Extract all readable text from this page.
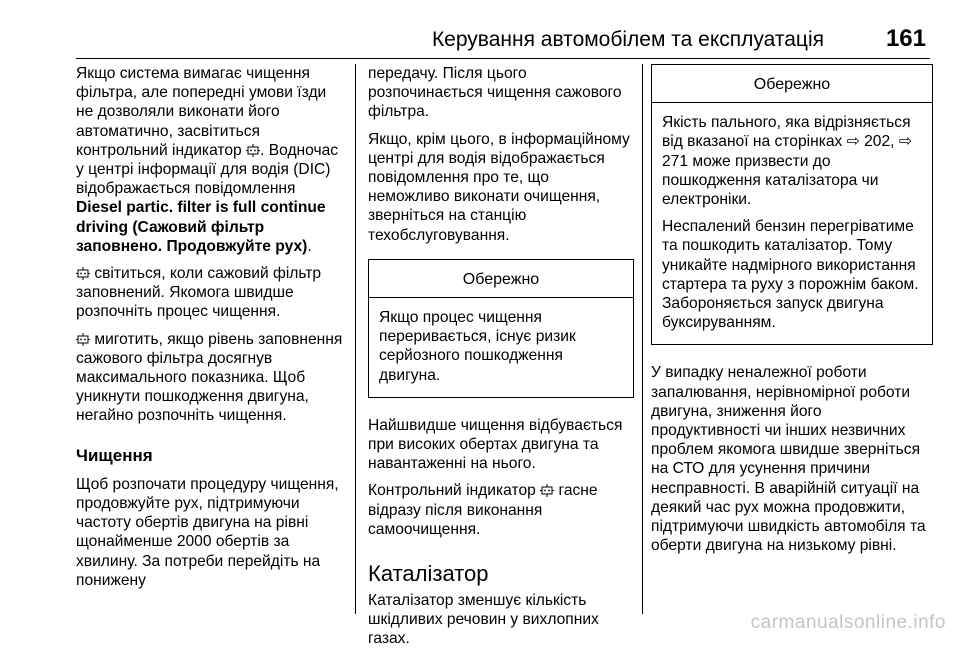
Керування автомобілем та експлуатація	161

Якщо система вимагає чищення фільтра, але попередні умови їзди не дозволяли виконати його автоматично, засвітиться контрольний індикатор . Водночас у центрі інформації для водія (DIC) відображається повідомлення Diesel partic. filter is full continue driving (Сажовий фільтр заповнено. Продовжуйте рух).

світиться, коли сажовий фільтр заповнений. Якомога швидше розпочніть процес чищення.

миготить, якщо рівень заповнення сажового фільтра досягнув максимального показника. Щоб уникнути пошкодження двигуна, негайно розпочніть чищення.

Чищення

Щоб розпочати процедуру чищення, продовжуйте рух, підтримуючи частоту обертів двигуна на рівні щонайменше 2000 обертів за хвилину. За потреби перейдіть на понижену

передачу. Після цього розпочинається чищення сажового фільтра.

Якщо, крім цього, в інформаційному центрі для водія відображається повідомлення про те, що неможливо виконати очищення, зверніться на станцію техобслуговування.

Обережно

Якщо процес чищення переривається, існує ризик серйозного пошкодження двигуна.

Найшвидше чищення відбувається при високих обертах двигуна та навантаженні на нього.

Контрольний індикатор гасне відразу після виконання самоочищення.

Каталізатор

Каталізатор зменшує кількість шкідливих речовин у вихлопних газах.

Обережно

Якість пального, яка відрізняється від вказаної на сторінках ⇨ 202, ⇨ 271 може призвести до пошкодження каталізатора чи електроніки.

Неспалений бензин перегріватиме та пошкодить каталізатор. Тому уникайте надмірного використання стартера та руху з порожнім баком. Забороняється запуск двигуна буксируванням.

У випадку неналежної роботи запалювання, нерівномірної роботи двигуна, зниження його продуктивності чи інших незвичних проблем якомога швидше зверніться на СТО для усунення причини несправності. В аварійній ситуації на деякий час рух можна продовжити, підтримуючи швидкість автомобіля та оберти двигуна на низькому рівні.

carmanualsonline.info
